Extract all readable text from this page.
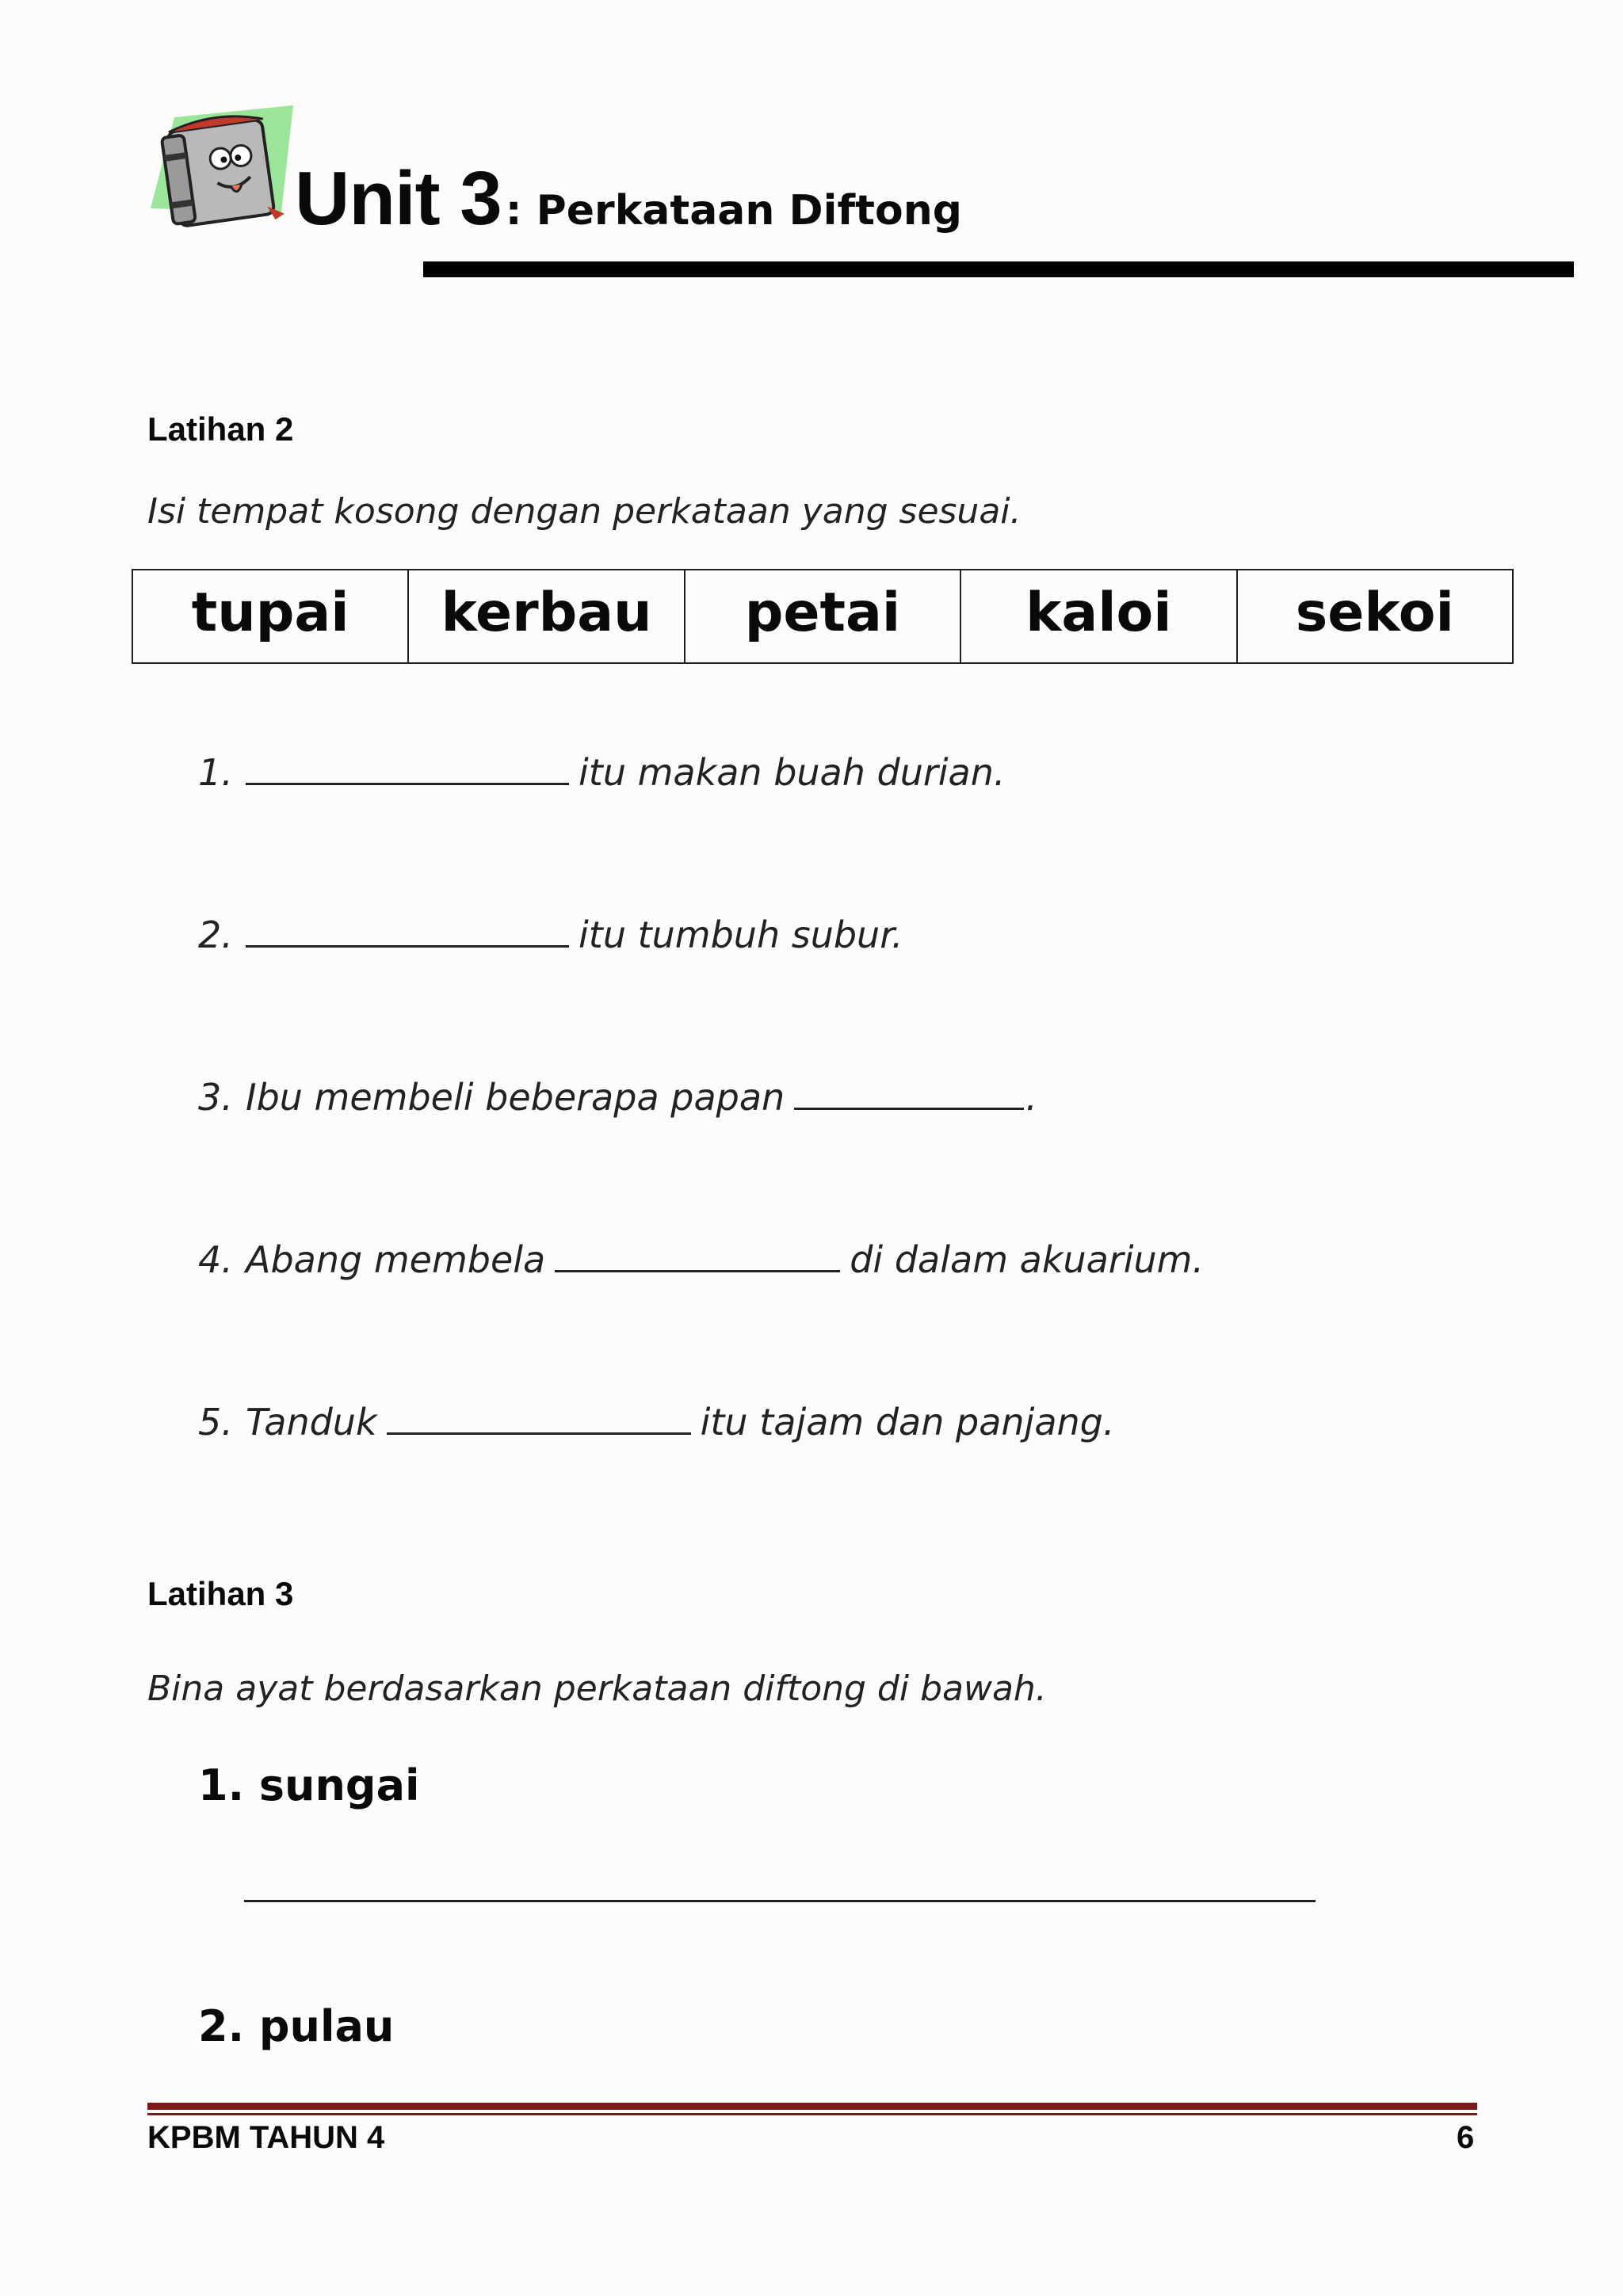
Unit 3 : Perkataan Diftong
Latihan 2
Isi tempat kosong dengan perkataan yang sesuai.
tupai	kerbau	petai	kaloi	sekoi
1.	itu makan buah durian.
2.	itu tumbuh subur.
3. Ibu membeli beberapa papan	.
4. Abang membela	di dalam akuarium.
5. Tanduk	itu tajam dan panjang.
Latihan 3
Bina ayat berdasarkan perkataan diftong di bawah.
1. sungai
2. pulau
KPBM TAHUN 4	6
